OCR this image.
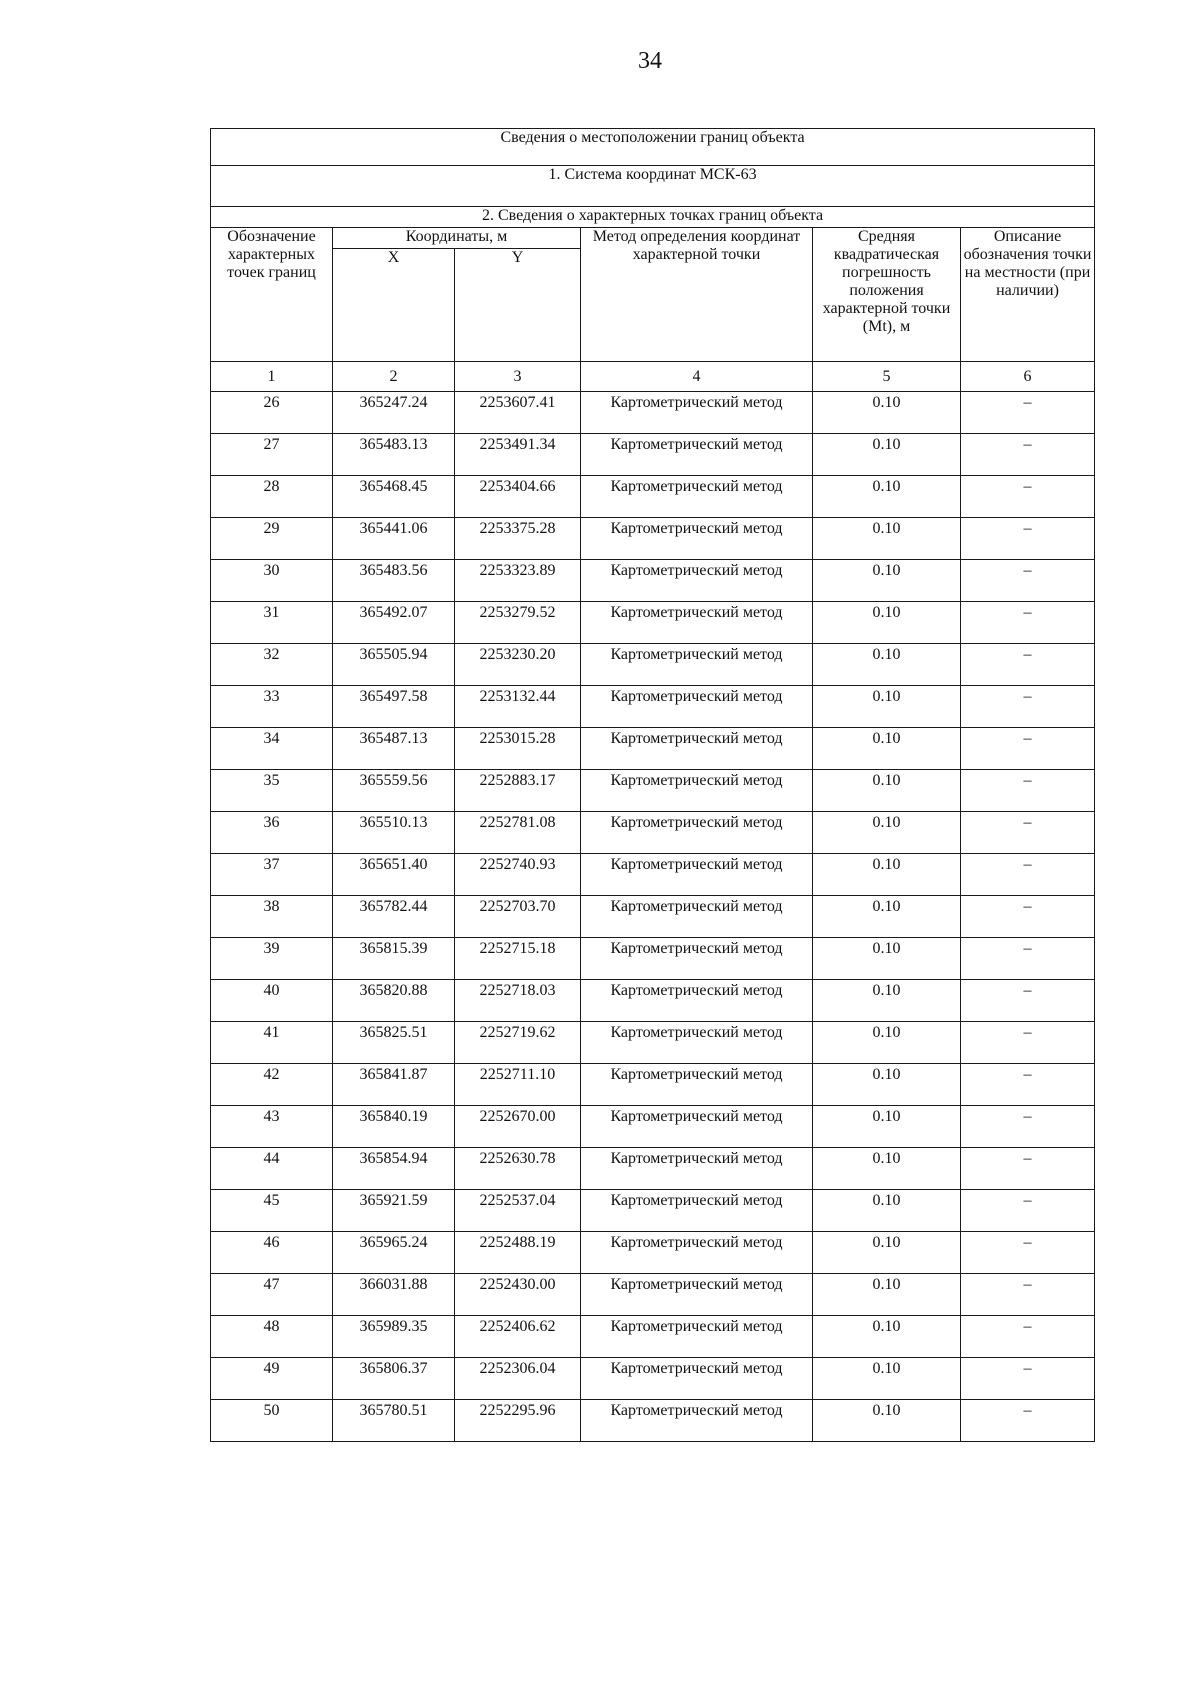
34
Сведения о местоположении границ объекта					
1. Система координат МСК-63					
2. Сведения о характерных точках границ объекта					
Обозначение характерных точек границ	Координаты, м		Метод определения координат характерной точки	Средняя квадратическая погрешность положения характерной точки (Mt), м	Описание обозначения точки на местности (при наличии)
	X	Y			
1	2	3	4	5	6
26	365247.24	2253607.41	Картометрический метод	0.10	–
27	365483.13	2253491.34	Картометрический метод	0.10	–
28	365468.45	2253404.66	Картометрический метод	0.10	–
29	365441.06	2253375.28	Картометрический метод	0.10	–
30	365483.56	2253323.89	Картометрический метод	0.10	–
31	365492.07	2253279.52	Картометрический метод	0.10	–
32	365505.94	2253230.20	Картометрический метод	0.10	–
33	365497.58	2253132.44	Картометрический метод	0.10	–
34	365487.13	2253015.28	Картометрический метод	0.10	–
35	365559.56	2252883.17	Картометрический метод	0.10	–
36	365510.13	2252781.08	Картометрический метод	0.10	–
37	365651.40	2252740.93	Картометрический метод	0.10	–
38	365782.44	2252703.70	Картометрический метод	0.10	–
39	365815.39	2252715.18	Картометрический метод	0.10	–
40	365820.88	2252718.03	Картометрический метод	0.10	–
41	365825.51	2252719.62	Картометрический метод	0.10	–
42	365841.87	2252711.10	Картометрический метод	0.10	–
43	365840.19	2252670.00	Картометрический метод	0.10	–
44	365854.94	2252630.78	Картометрический метод	0.10	–
45	365921.59	2252537.04	Картометрический метод	0.10	–
46	365965.24	2252488.19	Картометрический метод	0.10	–
47	366031.88	2252430.00	Картометрический метод	0.10	–
48	365989.35	2252406.62	Картометрический метод	0.10	–
49	365806.37	2252306.04	Картометрический метод	0.10	–
50	365780.51	2252295.96	Картометрический метод	0.10	–
